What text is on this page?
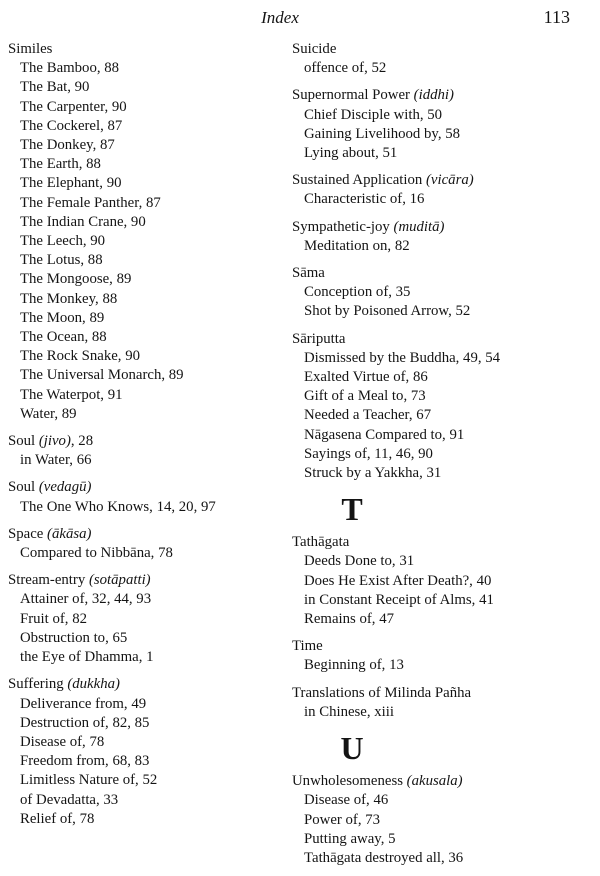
Index	113
Similes
The Bamboo, 88
The Bat, 90
The Carpenter, 90
The Cockerel, 87
The Donkey, 87
The Earth, 88
The Elephant, 90
The Female Panther, 87
The Indian Crane, 90
The Leech, 90
The Lotus, 88
The Mongoose, 89
The Monkey, 88
The Moon, 89
The Ocean, 88
The Rock Snake, 90
The Universal Monarch, 89
The Waterpot, 91
Water, 89
Soul (jivo), 28
in Water, 66
Soul (vedagū)
The One Who Knows, 14, 20, 97
Space (ākāsa)
Compared to Nibbāna, 78
Stream-entry (sotāpatti)
Attainer of, 32, 44, 93
Fruit of, 82
Obstruction to, 65
the Eye of Dhamma, 1
Suffering (dukkha)
Deliverance from, 49
Destruction of, 82, 85
Disease of, 78
Freedom from, 68, 83
Limitless Nature of, 52
of Devadatta, 33
Relief of, 78
Suicide
offence of, 52
Supernormal Power (iddhi)
Chief Disciple with, 50
Gaining Livelihood by, 58
Lying about, 51
Sustained Application (vicāra)
Characteristic of, 16
Sympathetic-joy (muditā)
Meditation on, 82
Sāma
Conception of, 35
Shot by Poisoned Arrow, 52
Sāriputta
Dismissed by the Buddha, 49, 54
Exalted Virtue of, 86
Gift of a Meal to, 73
Needed a Teacher, 67
Nāgasena Compared to, 91
Sayings of, 11, 46, 90
Struck by a Yakkha, 31
T
Tathāgata
Deeds Done to, 31
Does He Exist After Death?, 40
in Constant Receipt of Alms, 41
Remains of, 47
Time
Beginning of, 13
Translations of Milinda Pañha
in Chinese, xiii
U
Unwholesomeness (akusala)
Disease of, 46
Power of, 73
Putting away, 5
Tathāgata destroyed all, 36
